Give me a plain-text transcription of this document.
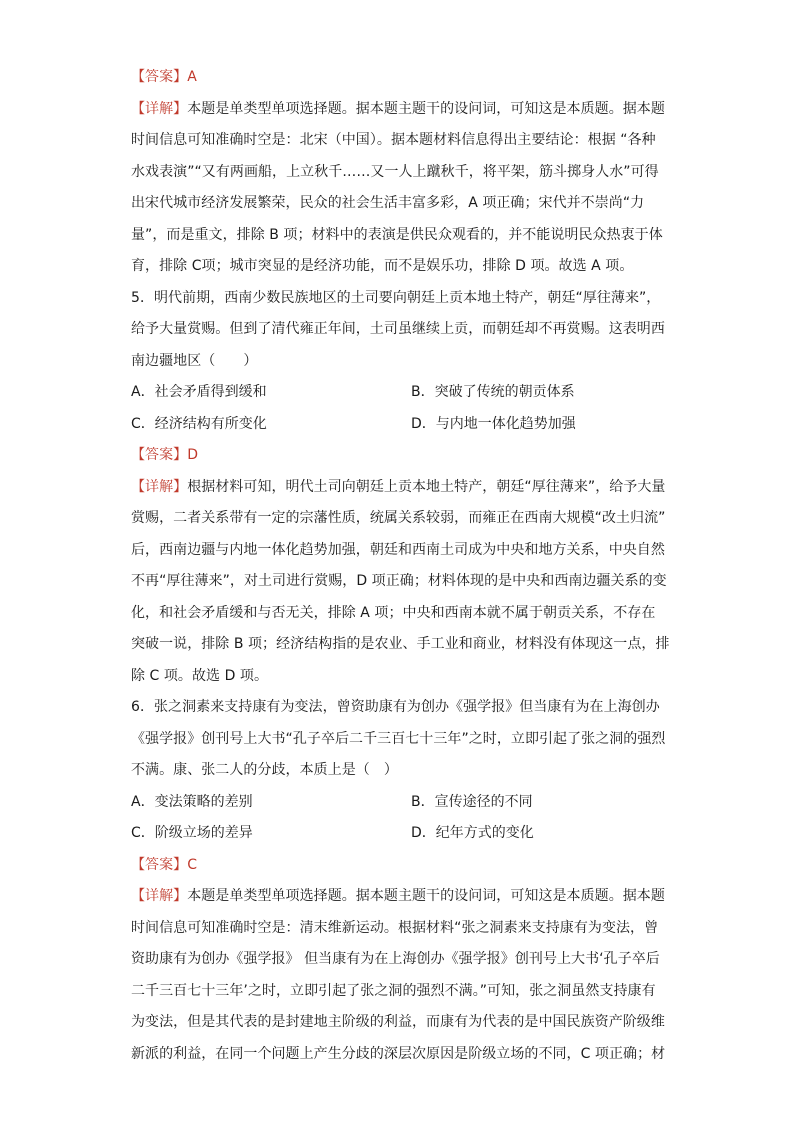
【答案】A
【详解】本题是单类型单项选择题。据本题主题干的设问词，可知这是本质题。据本题
时间信息可知准确时空是：北宋（中国）。据本题材料信息得出主要结论：根据 “各种
水戏表演”“又有两画船，上立秋千……又一人上蹴秋千，将平架，筋斗掷身人水”可得
出宋代城市经济发展繁荣，民众的社会生活丰富多彩，A 项正确；宋代并不崇尚“力
量”，而是重文，排除 B 项；材料中的表演是供民众观看的，并不能说明民众热衷于体
育，排除 C项；城市突显的是经济功能，而不是娱乐功，排除 D 项。故选 A 项。
5．明代前期，西南少数民族地区的土司要向朝廷上贡本地土特产，朝廷“厚往薄来”，
给予大量赏赐。但到了清代雍正年间，土司虽继续上贡，而朝廷却不再赏赐。这表明西
南边疆地区（　　）
A．社会矛盾得到缓和	B．突破了传统的朝贡体系
C．经济结构有所变化	D．与内地一体化趋势加强
【答案】D
【详解】根据材料可知，明代土司向朝廷上贡本地土特产，朝廷“厚往薄来”，给予大量
赏赐，二者关系带有一定的宗藩性质，统属关系较弱，而雍正在西南大规模“改土归流”
后，西南边疆与内地一体化趋势加强，朝廷和西南土司成为中央和地方关系，中央自然
不再“厚往薄来”，对土司进行赏赐，D 项正确；材料体现的是中央和西南边疆关系的变
化，和社会矛盾缓和与否无关，排除 A 项；中央和西南本就不属于朝贡关系，不存在
突破一说，排除 B 项；经济结构指的是农业、手工业和商业，材料没有体现这一点，排
除 C 项。故选 D 项。
6．张之洞素来支持康有为变法，曾资助康有为创办《强学报》但当康有为在上海创办
《强学报》创刊号上大书“孔子卒后二千三百七十三年”之时，立即引起了张之洞的强烈
不满。康、张二人的分歧，本质上是（　）
A．变法策略的差别	B．宣传途径的不同
C．阶级立场的差异	D．纪年方式的变化
【答案】C
【详解】本题是单类型单项选择题。据本题主题干的设问词，可知这是本质题。据本题
时间信息可知准确时空是：清末维新运动。根据材料“张之洞素来支持康有为变法，曾
资助康有为创办《强学报》 但当康有为在上海创办《强学报》创刊号上大书‘孔子卒后
二千三百七十三年’之时，立即引起了张之洞的强烈不满。”可知，张之洞虽然支持康有
为变法，但是其代表的是封建地主阶级的利益，而康有为代表的是中国民族资产阶级维
新派的利益，在同一个问题上产生分歧的深层次原因是阶级立场的不同，C 项正确；材
